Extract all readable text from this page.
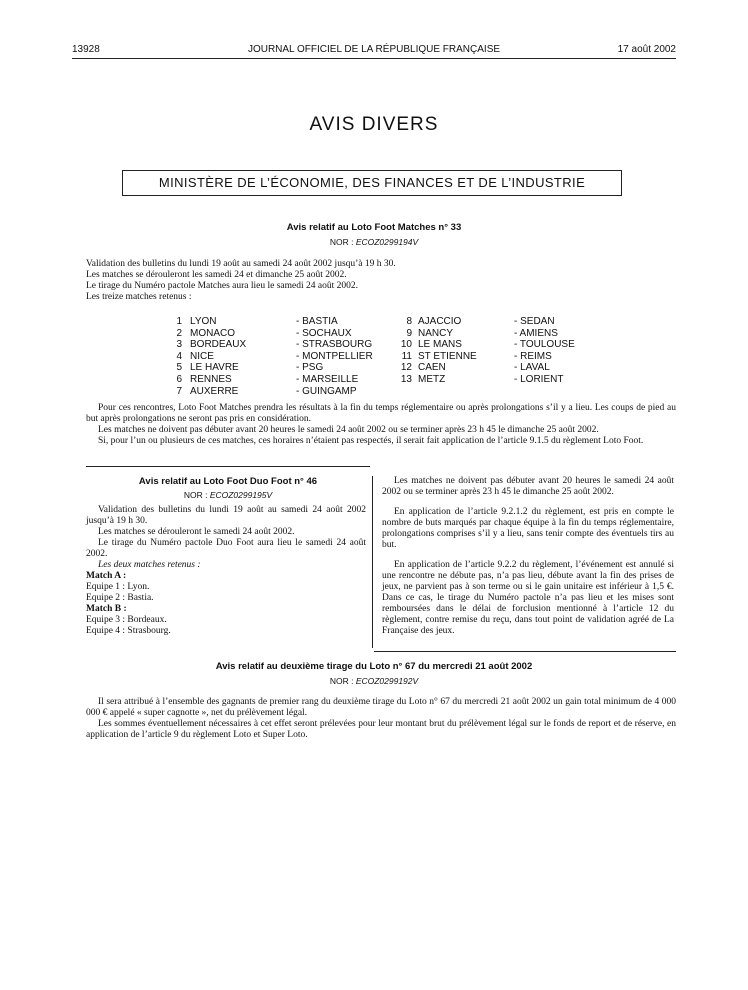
13928	JOURNAL OFFICIEL DE LA RÉPUBLIQUE FRANÇAISE	17 août 2002
AVIS DIVERS
MINISTÈRE DE L’ÉCONOMIE, DES FINANCES ET DE L’INDUSTRIE
Avis relatif au Loto Foot Matches n° 33
NOR : ECOZ0299194V
Validation des bulletins du lundi 19 août au samedi 24 août 2002 jusqu’à 19 h 30.
Les matches se dérouleront les samedi 24 et dimanche 25 août 2002.
Le tirage du Numéro pactole Matches aura lieu le samedi 24 août 2002.
Les treize matches retenus :
1 LYON	- BASTIA
2 MONACO	- SOCHAUX
3 BORDEAUX	- STRASBOURG
4 NICE	- MONTPELLIER
5 LE HAVRE	- PSG
6 RENNES	- MARSEILLE
7 AUXERRE	- GUINGAMP
8 AJACCIO	- SEDAN
9 NANCY	- AMIENS
10 LE MANS	- TOULOUSE
11 ST ETIENNE	- REIMS
12 CAEN	- LAVAL
13 METZ	- LORIENT
Pour ces rencontres, Loto Foot Matches prendra les résultats à la fin du temps réglementaire ou après prolongations s’il y a lieu. Les coups de pied au but après prolongations ne seront pas pris en considération.
Les matches ne doivent pas débuter avant 20 heures le samedi 24 août 2002 ou se terminer après 23 h 45 le dimanche 25 août 2002.
Si, pour l’un ou plusieurs de ces matches, ces horaires n’étaient pas respectés, il serait fait application de l’article 9.1.5 du règlement Loto Foot.
Avis relatif au Loto Foot Duo Foot n° 46
NOR : ECOZ0299195V
Validation des bulletins du lundi 19 août au samedi 24 août 2002 jusqu’à 19 h 30.
Les matches se dérouleront le samedi 24 août 2002.
Le tirage du Numéro pactole Duo Foot aura lieu le samedi 24 août 2002.
Les deux matches retenus :
Match A :
Equipe 1 : Lyon.
Equipe 2 : Bastia.
Match B :
Equipe 3 : Bordeaux.
Equipe 4 : Strasbourg.
Les matches ne doivent pas débuter avant 20 heures le samedi 24 août 2002 ou se terminer après 23 h 45 le dimanche 25 août 2002.
En application de l’article 9.2.1.2 du règlement, est pris en compte le nombre de buts marqués par chaque équipe à la fin du temps réglementaire, prolongations comprises s’il y a lieu, sans tenir compte des éventuels tirs au but.
En application de l’article 9.2.2 du règlement, l’événement est annulé si une rencontre ne débute pas, n’a pas lieu, débute avant la fin des prises de jeux, ne parvient pas à son terme ou si le gain unitaire est inférieur à 1,5 €. Dans ce cas, le tirage du Numéro pactole n’a pas lieu et les mises sont remboursées dans le délai de forclusion mentionné à l’article 12 du règlement, contre remise du reçu, dans tout point de validation agréé de La Française des jeux.
Avis relatif au deuxième tirage du Loto n° 67 du mercredi 21 août 2002
NOR : ECOZ0299192V
Il sera attribué à l’ensemble des gagnants de premier rang du deuxième tirage du Loto n° 67 du mercredi 21 août 2002 un gain total minimum de 4 000 000 € appelé « super cagnotte », net du prélèvement légal.
Les sommes éventuellement nécessaires à cet effet seront prélevées pour leur montant brut du prélèvement légal sur le fonds de report et de réserve, en application de l’article 9 du règlement Loto et Super Loto.
